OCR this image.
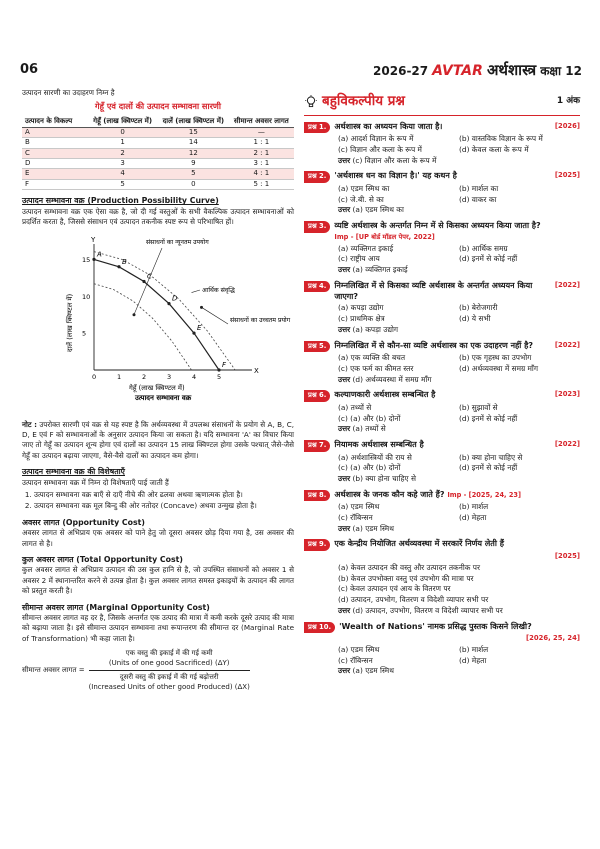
06	2026-27 AVTAR अर्थशास्त्र कक्षा 12
उत्पादन सारणी का उदाहरण निम्न है
गेहूँ एवं दालों की उत्पादन सम्भावना सारणी
उत्पादन के विकल्प	गेहूँ (लाख क्विण्टल में)	दालें (लाख क्विण्टल में)	सीमान्त अवसर लागत
A	0	15	—
B	1	14	1 : 1
C	2	12	2 : 1
D	3	9	3 : 1
E	4	5	4 : 1
F	5	0	5 : 1
उत्पादन सम्भावना वक्र (Production Possibility Curve)
उत्पादन सम्भावना वक्र एक ऐसा वक्र है, जो दी गई वस्तुओं के सभी वैकल्पिक उत्पादन सम्भावनाओं को प्रदर्शित करता है, जिससे संसाधन एवं उत्पादन तकनीक स्पष्ट रूप से परिभाषित हों।
X
Y
0	1	2	3	4	5
5
10
15
A
B
C
D
E
F
संसाधनों का न्यूनतम उपयोग
आर्थिक संवृद्धि
संसाधनों का उच्चतम प्रयोग
गेहूँ (लाख क्विण्टल में)
उत्पादन सम्भावना वक्र
दालें (लाख क्विण्टल में)
नोट : उपरोक्त सारणी एवं वक्र से यह स्पष्ट है कि अर्थव्यवस्था में उपलब्ध संसाधनों के प्रयोग से A, B, C, D, E एवं F को सम्भावनाओं के अनुसार उत्पादन किया जा सकता है। यदि सम्भावना 'A' का विचार किया जाए तो गेहूँ का उत्पादन शून्य होगा एवं दालों का उत्पादन 15 लाख क्विण्टल होगा उसके पश्चात् जैसे-जैसे गेहूँ का उत्पादन बढ़ाया जाएगा, वैसे-वैसे दालों का उत्पादन कम होगा।
उत्पादन सम्भावना वक्र की विशेषताएँ
उत्पादन सम्भावना वक्र में निम्न दो विशेषताएँ पाई जाती हैं
1. उत्पादन सम्भावना वक्र बाएँ से दाएँ नीचे की ओर ढलवा अथवा ऋणात्मक होता है।
2. उत्पादन सम्भावना वक्र मूल बिन्दु की ओर नतोदर (Concave) अथवा उन्मुख होता है।
अवसर लागत (Opportunity Cost)
अवसर लागत से अभिप्राय एक अवसर को पाने हेतु जो दूसरा अवसर छोड़ दिया गया है, उस अवसर की लागत से है।
कुल अवसर लागत (Total Opportunity Cost)
कुल अवसर लागत से अभिप्राय उत्पादन की उस कुल हानि से है, जो उपस्थित संसाधनों को अवसर 1 से अवसर 2 में स्थानान्तरित करने से उत्पन्न होता है। कुल अवसर लागत समस्त इकाइयों के उत्पादन की लागत को प्रस्तुत करती है।
सीमान्त अवसर लागत (Marginal Opportunity Cost)
सीमान्त अवसर लागत वह दर है, जिसके अन्तर्गत एक उत्पाद की मात्रा में कमी करके दूसरे उत्पाद की मात्रा को बढ़ाया जाता है। इसे सीमान्त उत्पादन सम्भावना तथा रूपान्तरण की सीमान्त दर (Marginal Rate of Transformation) भी कहा जाता है।
सीमान्त अवसर लागत =
एक वस्तु की इकाई में की गई कमी
(Units of one good Sacrificed) (ΔY)
दूसरी वस्तु की इकाई में की गई बढ़ोत्तरी
(Increased Units of other good Produced) (ΔX)
बहुविकल्पीय प्रश्न	1 अंक
प्रश्न 1.	अर्थशास्त्र का अध्ययन किया जाता है।	[2026]
(a) आदर्श विज्ञान के रूप में	(b) वास्तविक विज्ञान के रूप में
(c) विज्ञान और कला के रूप में	(d) केवल कला के रूप में
उत्तर (c) विज्ञान और कला के रूप में
प्रश्न 2.	'अर्थशास्त्र धन का विज्ञान है।' यह कथन है	[2025]
(a) एडम स्मिथ का	(b) मार्शल का
(c) जे.बी. से का	(d) वाकर का
उत्तर (a) एडम स्मिथ का
प्रश्न 3.	व्यष्टि अर्थशास्त्र के अन्तर्गत निम्न में से किसका अध्ययन किया जाता है? Imp - [UP बोर्ड मॉडल पेपर, 2022]
(a) व्यक्तिगत इकाई	(b) आर्थिक समग्र
(c) राष्ट्रीय आय	(d) इनमें से कोई नहीं
उत्तर (a) व्यक्तिगत इकाई
प्रश्न 4.	निम्नलिखित में से किसका व्यष्टि अर्थशास्त्र के अन्तर्गत अध्ययन किया जाएगा?
[2022]
(a) कपड़ा उद्योग	(b) बेरोजगारी
(c) प्राथमिक क्षेत्र	(d) ये सभी
उत्तर (a) कपड़ा उद्योग
प्रश्न 5.	निम्नलिखित में से कौन-सा व्यष्टि अर्थशास्त्र का एक उदाहरण नहीं है?	[2022]
(a) एक व्यक्ति की बचत	(b) एक गृहस्थ का उपभोग
(c) एक फर्म का कीमत स्तर	(d) अर्थव्यवस्था में समग्र माँग
उत्तर (d) अर्थव्यवस्था में समग्र माँग
प्रश्न 6.	कल्याणकारी अर्थशास्त्र सम्बन्धित है	[2023]
(a) तथ्यों से	(b) सुझावों से
(c) (a) और (b) दोनों	(d) इनमें से कोई नहीं
उत्तर (a) तथ्यों से
प्रश्न 7.	नियामक अर्थशास्त्र सम्बन्धित है	[2022]
(a) अर्थशास्त्रियों की राय से	(b) क्या होना चाहिए से
(c) (a) और (b) दोनों	(d) इनमें से कोई नहीं
उत्तर (b) क्या होना चाहिए से
प्रश्न 8.	अर्थशास्त्र के जनक कौन कहे जाते हैं? Imp - [2025, 24, 23]
(a) एडम स्मिथ	(b) मार्शल
(c) रॉबिन्सन	(d) मेहता
उत्तर (a) एडम स्मिथ
प्रश्न 9.	एक केन्द्रीय नियोजित अर्थव्यवस्था में सरकारें निर्णय लेती हैं
[2025]
(a) केवल उत्पादन की वस्तु और उत्पादन तकनीक पर
(b) केवल उपभोक्ता वस्तु एवं उपभोग की मात्रा पर
(c) केवल उत्पादन एवं आय के वितरण पर
(d) उत्पादन, उपभोग, वितरण व विदेशी व्यापार सभी पर
उत्तर (d) उत्पादन, उपभोग, वितरण व विदेशी व्यापार सभी पर
प्रश्न 10.	'Wealth of Nations' नामक प्रसिद्ध पुस्तक किसने लिखी?
[2026, 25, 24]
(a) एडम स्मिथ	(b) मार्शल
(c) रॉबिन्सन	(d) मेहता
उत्तर (a) एडम स्मिथ
